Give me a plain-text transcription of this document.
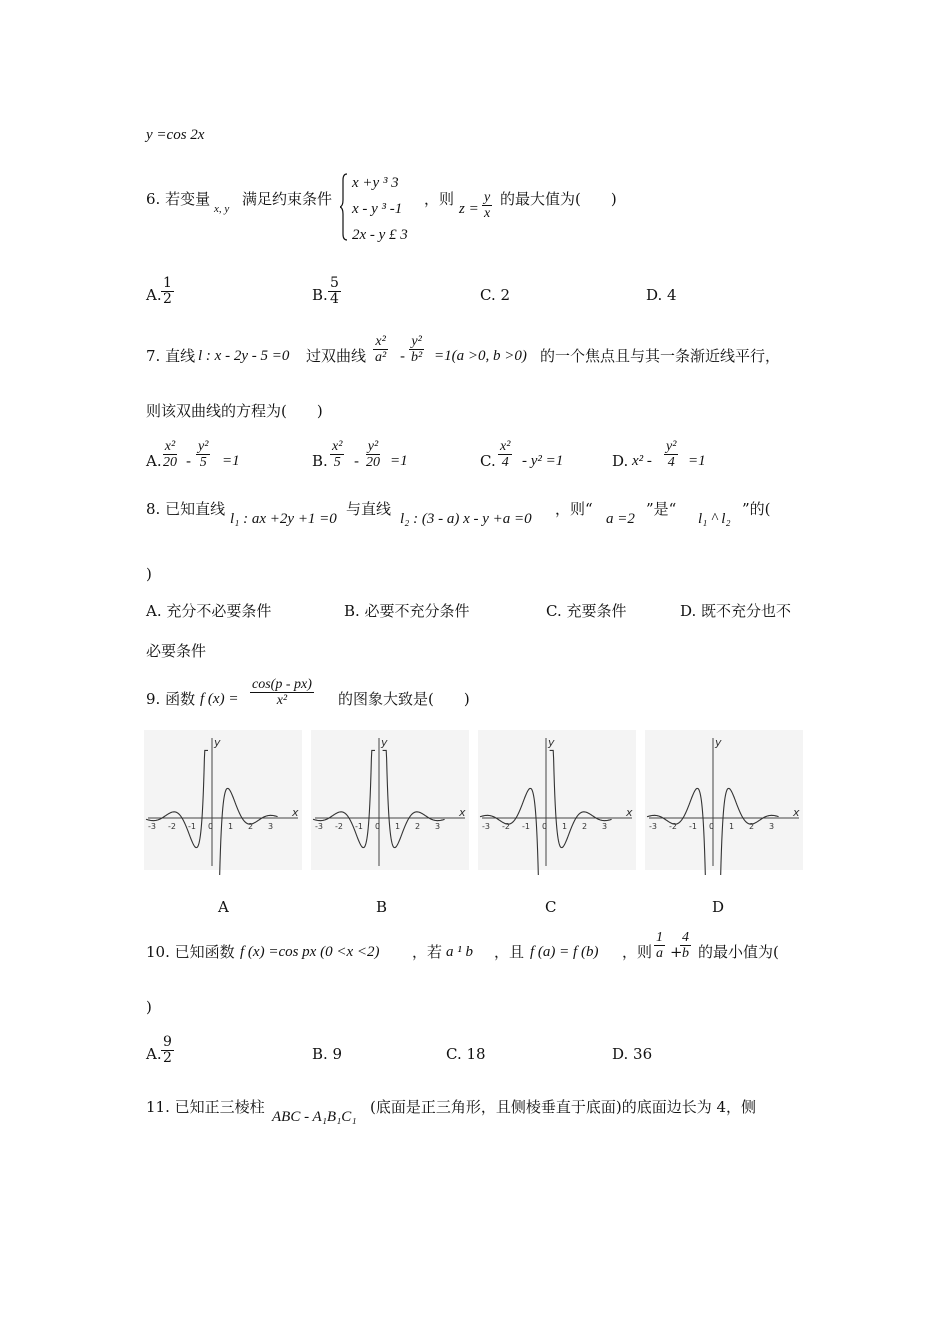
y =cos 2x
6. 若变量
x, y
满足约束条件
x +y ³ 3
x - y ³ -1
2x - y £ 3
，则
$z = \frac{y}{x}$ 的最大值为(　　)
A. $\frac{1}{2}$	B. $\frac{5}{4}$	C. 2	D. 4
7. 直线 l : x - 2y - 5 =0 过双曲线 $\frac{\text{x²}}{\text{a²}} - \frac{\text{y²}}{\text{b²}} =1(a >0$, b >0) 的一个焦点且与其一条渐近线平行，
则该双曲线的方程为(　　)
A. $\frac{\text{x²}}{20} - \frac{\text{y²}}{5} =1$	B. $\frac{\text{x²}}{5} - \frac{\text{y²}}{20} =1$	C. $\frac{\text{x²}}{4} - y^2 =1$	D. $x^2 - \frac{\text{y²}}{4} =1$
8. 已知直线
l₁ : ax +2y +1 =0
与直线
l₂ : (3 - a) x - y +a =0
，则“
a =2
”是“
l₁ ^ l₂
”的(
)
A. 充分不必要条件	B. 必要不充分条件	C. 充要条件	D. 既不充分也不
必要条件
9. 函数 f $(x) = \frac{\cos(p - px)}{\text{x²}}$ 的图象大致是(　　)
x
y
-3 -2 -1 0 1 2 3
x
y
-3 -2 -1 0 1 2 3
x
y
-3 -2 -1 0 1 2 3
x
y
-3 -2 -1 0 1 2 3
A	B	C	D
10. 已知函数 f (x) =cos px (0 <x <2) ，若 a ¹ b ，且 f (a) = f (b) ，则 $\frac{1}{a}$ +
$\frac{4}{b}$ 的最小值为(
)
A. $\frac{9}{2}$	B. 9	C. 18	D. 36
11. 已知正三棱柱
ABC - A₁B₁C₁
(底面是正三角形，且侧棱垂直于底面)的底面边长为 4，侧
